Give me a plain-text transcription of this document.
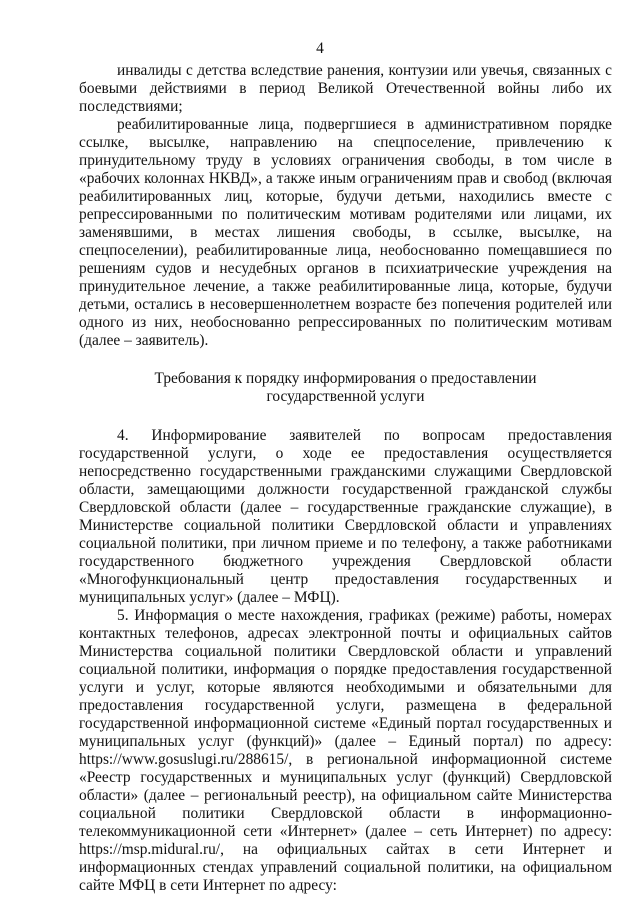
4

инвалиды с детства вследствие ранения, контузии или увечья, связанных с боевыми действиями в период Великой Отечественной войны либо их последствиями;

реабилитированные лица, подвергшиеся в административном порядке ссылке, высылке, направлению на спецпоселение, привлечению к принудительному труду в условиях ограничения свободы, в том числе в «рабочих колоннах НКВД», а также иным ограничениям прав и свобод (включая реабилитированных лиц, которые, будучи детьми, находились вместе с репрессированными по политическим мотивам родителями или лицами, их заменявшими, в местах лишения свободы, в ссылке, высылке, на спецпоселении), реабилитированные лица, необоснованно помещавшиеся по решениям судов и несудебных органов в психиатрические учреждения на принудительное лечение, а также реабилитированные лица, которые, будучи детьми, остались в несовершеннолетнем возрасте без попечения родителей или одного из них, необоснованно репрессированных по политическим мотивам (далее – заявитель).

Требования к порядку информирования о предоставлении
государственной услуги

4. Информирование заявителей по вопросам предоставления государственной услуги, о ходе ее предоставления осуществляется непосредственно государственными гражданскими служащими Свердловской области, замещающими должности государственной гражданской службы Свердловской области (далее – государственные гражданские служащие), в Министерстве социальной политики Свердловской области и управлениях социальной политики, при личном приеме и по телефону, а также работниками государственного бюджетного учреждения Свердловской области «Многофункциональный центр предоставления государственных и муниципальных услуг» (далее – МФЦ).

5. Информация о месте нахождения, графиках (режиме) работы, номерах контактных телефонов, адресах электронной почты и официальных сайтов Министерства социальной политики Свердловской области и управлений социальной политики, информация о порядке предоставления государственной услуги и услуг, которые являются необходимыми и обязательными для предоставления государственной услуги, размещена в федеральной государственной информационной системе «Единый портал государственных и муниципальных услуг (функций)» (далее – Единый портал) по адресу: https://www.gosuslugi.ru/288615/, в региональной информационной системе «Реестр государственных и муниципальных услуг (функций) Свердловской области» (далее – региональный реестр), на официальном сайте Министерства социальной политики Свердловской области в информационно-телекоммуникационной сети «Интернет» (далее – сеть Интернет) по адресу: https://msp.midural.ru/, на официальных сайтах в сети Интернет и информационных стендах управлений социальной политики, на официальном сайте МФЦ в сети Интернет по адресу:
